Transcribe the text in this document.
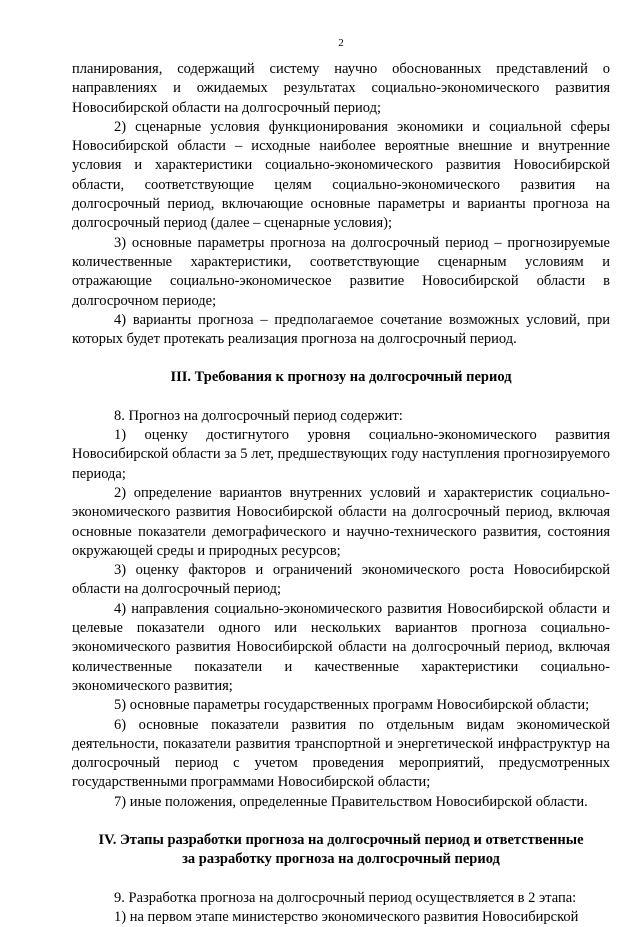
2

планирования, содержащий систему научно обоснованных представлений о направлениях и ожидаемых результатах социально-экономического развития Новосибирской области на долгосрочный период;

2) сценарные условия функционирования экономики и социальной сферы Новосибирской области – исходные наиболее вероятные внешние и внутренние условия и характеристики социально-экономического развития Новосибирской области, соответствующие целям социально-экономического развития на долгосрочный период, включающие основные параметры и варианты прогноза на долгосрочный период (далее – сценарные условия);

3) основные параметры прогноза на долгосрочный период – прогнозируемые количественные характеристики, соответствующие сценарным условиям и отражающие социально-экономическое развитие Новосибирской области в долгосрочном периоде;

4) варианты прогноза – предполагаемое сочетание возможных условий, при которых будет протекать реализация прогноза на долгосрочный период.

III. Требования к прогнозу на долгосрочный период

8. Прогноз на долгосрочный период содержит:

1) оценку достигнутого уровня социально-экономического развития Новосибирской области за 5 лет, предшествующих году наступления прогнозируемого периода;

2) определение вариантов внутренних условий и характеристик социально-экономического развития Новосибирской области на долгосрочный период, включая основные показатели демографического и научно-технического развития, состояния окружающей среды и природных ресурсов;

3) оценку факторов и ограничений экономического роста Новосибирской области на долгосрочный период;

4) направления социально-экономического развития Новосибирской области и целевые показатели одного или нескольких вариантов прогноза социально-экономического развития Новосибирской области на долгосрочный период, включая количественные показатели и качественные характеристики социально-экономического развития;

5) основные параметры государственных программ Новосибирской области;

6) основные показатели развития по отдельным видам экономической деятельности, показатели развития транспортной и энергетической инфраструктур на долгосрочный период с учетом проведения мероприятий, предусмотренных государственными программами Новосибирской области;

7) иные положения, определенные Правительством Новосибирской области.

IV. Этапы разработки прогноза на долгосрочный период и ответственные

за разработку прогноза на долгосрочный период

9. Разработка прогноза на долгосрочный период осуществляется в 2 этапа:

1) на первом этапе министерство экономического развития Новосибирской
